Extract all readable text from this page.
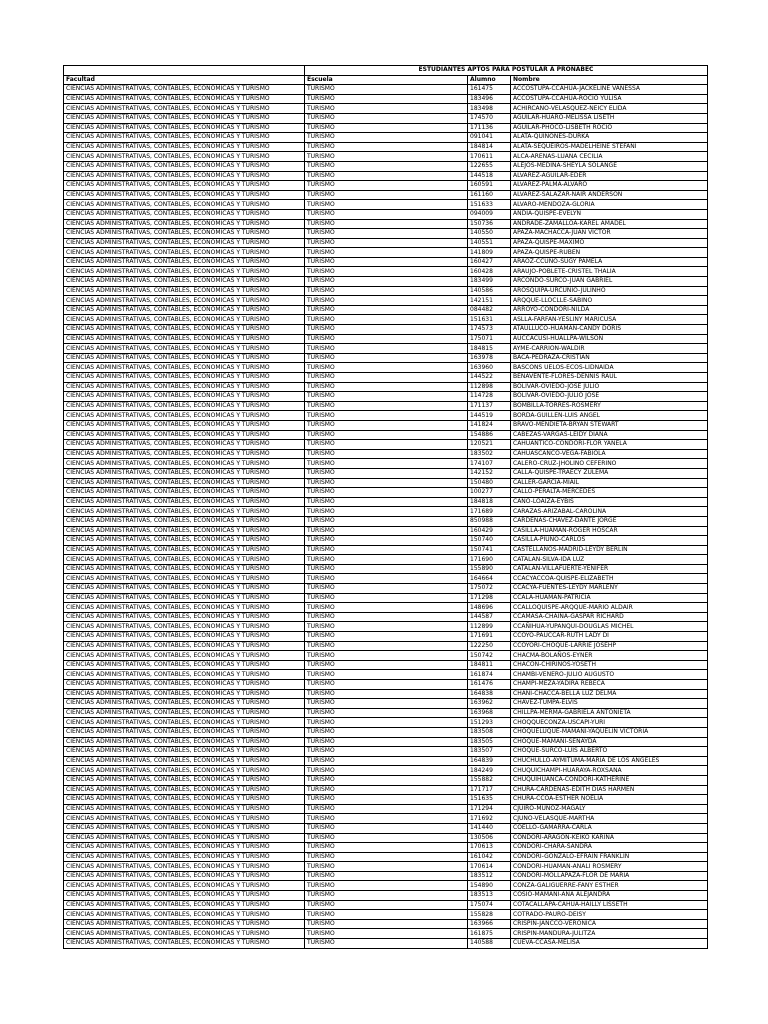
	ESTUDIANTES APTOS PARA POSTULAR A PRONABEC		
Facultad	Escuela	Alumno	Nombre
CIENCIAS ADMINISTRATIVAS, CONTABLES, ECONOMICAS Y TURISMO	TURISMO	161475	ACCOSTUPA-CCAHUA-JACKELINE VANESSA
CIENCIAS ADMINISTRATIVAS, CONTABLES, ECONOMICAS Y TURISMO	TURISMO	183496	ACCOSTUPA-CCAHUA-ROCIO YULISA
CIENCIAS ADMINISTRATIVAS, CONTABLES, ECONOMICAS Y TURISMO	TURISMO	183498	ACHIRCANO-VELASQUEZ-NEICY ELIDA
CIENCIAS ADMINISTRATIVAS, CONTABLES, ECONOMICAS Y TURISMO	TURISMO	174570	AGUILAR-HUARO-MELISSA LISETH
CIENCIAS ADMINISTRATIVAS, CONTABLES, ECONOMICAS Y TURISMO	TURISMO	171136	AGUILAR-PHOCO-LISBETH ROCIO
CIENCIAS ADMINISTRATIVAS, CONTABLES, ECONOMICAS Y TURISMO	TURISMO	091041	ALATA-QUIÑONES-DURKA
CIENCIAS ADMINISTRATIVAS, CONTABLES, ECONOMICAS Y TURISMO	TURISMO	184814	ALATA-SEQUEIROS-MADELHEINE STEFANI
CIENCIAS ADMINISTRATIVAS, CONTABLES, ECONOMICAS Y TURISMO	TURISMO	170611	ALCA-ARENAS-LUANA CECILIA
CIENCIAS ADMINISTRATIVAS, CONTABLES, ECONOMICAS Y TURISMO	TURISMO	122655	ALEJOS-MEDINA-SHEYLA SOLANGE
CIENCIAS ADMINISTRATIVAS, CONTABLES, ECONOMICAS Y TURISMO	TURISMO	144518	ALVAREZ-AGUILAR-EDER
CIENCIAS ADMINISTRATIVAS, CONTABLES, ECONOMICAS Y TURISMO	TURISMO	160591	ALVAREZ-PALMA-ALVARO
CIENCIAS ADMINISTRATIVAS, CONTABLES, ECONOMICAS Y TURISMO	TURISMO	161160	ALVAREZ-SALAZAR-NAIR ANDERSON
CIENCIAS ADMINISTRATIVAS, CONTABLES, ECONOMICAS Y TURISMO	TURISMO	151633	ALVARO-MENDOZA-GLORIA
CIENCIAS ADMINISTRATIVAS, CONTABLES, ECONOMICAS Y TURISMO	TURISMO	094009	ANDIA-QUISPE-EVELYN
CIENCIAS ADMINISTRATIVAS, CONTABLES, ECONOMICAS Y TURISMO	TURISMO	150736	ANDRADE-ZAMALLOA-KAREL AMADEL
CIENCIAS ADMINISTRATIVAS, CONTABLES, ECONOMICAS Y TURISMO	TURISMO	140550	APAZA-MACHACCA-JUAN VICTOR
CIENCIAS ADMINISTRATIVAS, CONTABLES, ECONOMICAS Y TURISMO	TURISMO	140551	APAZA-QUISPE-MAXIMO
CIENCIAS ADMINISTRATIVAS, CONTABLES, ECONOMICAS Y TURISMO	TURISMO	141809	APAZA-QUISPE-RUBEN
CIENCIAS ADMINISTRATIVAS, CONTABLES, ECONOMICAS Y TURISMO	TURISMO	160427	ARAOZ-CCUNO-SUGY PAMELA
CIENCIAS ADMINISTRATIVAS, CONTABLES, ECONOMICAS Y TURISMO	TURISMO	160428	ARAUJO-POBLETE-CRISTEL THALIA
CIENCIAS ADMINISTRATIVAS, CONTABLES, ECONOMICAS Y TURISMO	TURISMO	183499	ARCONDO-SURCO-JUAN GABRIEL
CIENCIAS ADMINISTRATIVAS, CONTABLES, ECONOMICAS Y TURISMO	TURISMO	140586	AROSQUIPA-URCUNIO-JULINHO
CIENCIAS ADMINISTRATIVAS, CONTABLES, ECONOMICAS Y TURISMO	TURISMO	142151	ARQQUE-LLOCLLE-SABINO
CIENCIAS ADMINISTRATIVAS, CONTABLES, ECONOMICAS Y TURISMO	TURISMO	084482	ARROYO-CONDORI-NILDA
CIENCIAS ADMINISTRATIVAS, CONTABLES, ECONOMICAS Y TURISMO	TURISMO	151631	ASLLA-FARFAN-YESLINY MARICUSA
CIENCIAS ADMINISTRATIVAS, CONTABLES, ECONOMICAS Y TURISMO	TURISMO	174573	ATAULLUCO-HUAMAN-CANDY DORIS
CIENCIAS ADMINISTRATIVAS, CONTABLES, ECONOMICAS Y TURISMO	TURISMO	175071	AUCCACUSI-HUALLPA-WILSON
CIENCIAS ADMINISTRATIVAS, CONTABLES, ECONOMICAS Y TURISMO	TURISMO	184815	AYME-CARRION-WALDIR
CIENCIAS ADMINISTRATIVAS, CONTABLES, ECONOMICAS Y TURISMO	TURISMO	163978	BACA-PEDRAZA-CRISTIAN
CIENCIAS ADMINISTRATIVAS, CONTABLES, ECONOMICAS Y TURISMO	TURISMO	163960	BASCONS UELOS-ECOS-LIDNAIDA
CIENCIAS ADMINISTRATIVAS, CONTABLES, ECONOMICAS Y TURISMO	TURISMO	144522	BENAVENTE-FLORES-DENNIS RAUL
CIENCIAS ADMINISTRATIVAS, CONTABLES, ECONOMICAS Y TURISMO	TURISMO	112898	BOLIVAR-OVIEDO-JOSÉ JULIO
CIENCIAS ADMINISTRATIVAS, CONTABLES, ECONOMICAS Y TURISMO	TURISMO	114728	BOLIVAR-OVIEDO-JULIO JOSE
CIENCIAS ADMINISTRATIVAS, CONTABLES, ECONOMICAS Y TURISMO	TURISMO	171137	BOMBILLA-TORRES-ROSMERY
CIENCIAS ADMINISTRATIVAS, CONTABLES, ECONOMICAS Y TURISMO	TURISMO	144519	BORDA-GUILLEN-LUIS ANGEL
CIENCIAS ADMINISTRATIVAS, CONTABLES, ECONOMICAS Y TURISMO	TURISMO	141824	BRAVO-MENDIETA-BRYAN STEWART
CIENCIAS ADMINISTRATIVAS, CONTABLES, ECONOMICAS Y TURISMO	TURISMO	154886	CABEZAS-VARGAS-LEIDY DIANA
CIENCIAS ADMINISTRATIVAS, CONTABLES, ECONOMICAS Y TURISMO	TURISMO	120521	CAHUANTICO-CONDORI-FLOR YANELA
CIENCIAS ADMINISTRATIVAS, CONTABLES, ECONOMICAS Y TURISMO	TURISMO	183502	CAHUASCANCO-VEGA-FABIOLA
CIENCIAS ADMINISTRATIVAS, CONTABLES, ECONOMICAS Y TURISMO	TURISMO	174107	CALERO-CRUZ-JHOLINO CEFERINO
CIENCIAS ADMINISTRATIVAS, CONTABLES, ECONOMICAS Y TURISMO	TURISMO	142152	CALLA-QUISPE-TRAECY ZULEMA
CIENCIAS ADMINISTRATIVAS, CONTABLES, ECONOMICAS Y TURISMO	TURISMO	150480	CALLER-GARCIA-MIAIL
CIENCIAS ADMINISTRATIVAS, CONTABLES, ECONOMICAS Y TURISMO	TURISMO	100277	CALLO-PERALTA-MERCEDES
CIENCIAS ADMINISTRATIVAS, CONTABLES, ECONOMICAS Y TURISMO	TURISMO	184818	CANO-LOAIZA-EYBIS
CIENCIAS ADMINISTRATIVAS, CONTABLES, ECONOMICAS Y TURISMO	TURISMO	171689	CARAZAS-ARIZABAL-CAROLINA
CIENCIAS ADMINISTRATIVAS, CONTABLES, ECONOMICAS Y TURISMO	TURISMO	850988	CARDENAS-CHAVEZ-DANTE JORGE
CIENCIAS ADMINISTRATIVAS, CONTABLES, ECONOMICAS Y TURISMO	TURISMO	160429	CASILLA-HUAMAN-ROGER HOSCAR
CIENCIAS ADMINISTRATIVAS, CONTABLES, ECONOMICAS Y TURISMO	TURISMO	150740	CASILLA-PIUÑO-CARLOS
CIENCIAS ADMINISTRATIVAS, CONTABLES, ECONOMICAS Y TURISMO	TURISMO	150741	CASTELLANOS-MADRID-LEYDY BERLIN
CIENCIAS ADMINISTRATIVAS, CONTABLES, ECONOMICAS Y TURISMO	TURISMO	171690	CATALAN-SILVA-IDA LUZ
CIENCIAS ADMINISTRATIVAS, CONTABLES, ECONOMICAS Y TURISMO	TURISMO	155890	CATALAN-VILLAFUERTE-YENIFER
CIENCIAS ADMINISTRATIVAS, CONTABLES, ECONOMICAS Y TURISMO	TURISMO	164664	CCACYACCOA-QUISPE-ELIZABETH
CIENCIAS ADMINISTRATIVAS, CONTABLES, ECONOMICAS Y TURISMO	TURISMO	175072	CCACYA-FUENTES-LEYDY MARLENY
CIENCIAS ADMINISTRATIVAS, CONTABLES, ECONOMICAS Y TURISMO	TURISMO	171298	CCALA-HUAMAN-PATRICIA
CIENCIAS ADMINISTRATIVAS, CONTABLES, ECONOMICAS Y TURISMO	TURISMO	148696	CCALLOQUISPE-ARQQUE-MARIO ALDAIR
CIENCIAS ADMINISTRATIVAS, CONTABLES, ECONOMICAS Y TURISMO	TURISMO	144587	CCAMASA-CHAIÑA-GASPAR RICHARD
CIENCIAS ADMINISTRATIVAS, CONTABLES, ECONOMICAS Y TURISMO	TURISMO	112899	CCAÑIHUA-YUPANQUI-DOUGLAS MICHEL
CIENCIAS ADMINISTRATIVAS, CONTABLES, ECONOMICAS Y TURISMO	TURISMO	171691	CCOYO-PAUCCAR-RUTH LADY DI
CIENCIAS ADMINISTRATIVAS, CONTABLES, ECONOMICAS Y TURISMO	TURISMO	122250	CCOYORI-CHOQUE-LARRIE JOSEHP
CIENCIAS ADMINISTRATIVAS, CONTABLES, ECONOMICAS Y TURISMO	TURISMO	150742	CHACMA-BOLAÑOS-EYNER
CIENCIAS ADMINISTRATIVAS, CONTABLES, ECONOMICAS Y TURISMO	TURISMO	184811	CHACON-CHIRINOS-YOSETH
CIENCIAS ADMINISTRATIVAS, CONTABLES, ECONOMICAS Y TURISMO	TURISMO	161874	CHAMBI-VENERO-JULIO AUGUSTO
CIENCIAS ADMINISTRATIVAS, CONTABLES, ECONOMICAS Y TURISMO	TURISMO	161476	CHAMPI-MEZA-YADIRA REBECA
CIENCIAS ADMINISTRATIVAS, CONTABLES, ECONOMICAS Y TURISMO	TURISMO	164838	CHAÑI-CHACCA-BELLA LUZ DELMA
CIENCIAS ADMINISTRATIVAS, CONTABLES, ECONOMICAS Y TURISMO	TURISMO	163962	CHAVEZ-TUMPA-ELVIS
CIENCIAS ADMINISTRATIVAS, CONTABLES, ECONOMICAS Y TURISMO	TURISMO	163968	CHILLPA-MERMA-GABRIELA ANTONIETA
CIENCIAS ADMINISTRATIVAS, CONTABLES, ECONOMICAS Y TURISMO	TURISMO	151293	CHOQQUECONZA-USCAPI-YURI
CIENCIAS ADMINISTRATIVAS, CONTABLES, ECONOMICAS Y TURISMO	TURISMO	183508	CHOQUELUQUE-MAMANI-YAQUELIN VICTORIA
CIENCIAS ADMINISTRATIVAS, CONTABLES, ECONOMICAS Y TURISMO	TURISMO	183505	CHOQUE-MAMANI-SENAYDA
CIENCIAS ADMINISTRATIVAS, CONTABLES, ECONOMICAS Y TURISMO	TURISMO	183507	CHOQUE-SURCO-LUIS ALBERTO
CIENCIAS ADMINISTRATIVAS, CONTABLES, ECONOMICAS Y TURISMO	TURISMO	164839	CHUCHULLO-AYMITUMA-MARIA DE LOS ANGELES
CIENCIAS ADMINISTRATIVAS, CONTABLES, ECONOMICAS Y TURISMO	TURISMO	184249	CHUQUICHAMPI-HUARAYA-ROXSANA
CIENCIAS ADMINISTRATIVAS, CONTABLES, ECONOMICAS Y TURISMO	TURISMO	155882	CHUQUIHUANCA-CONDORI-KATHERINE
CIENCIAS ADMINISTRATIVAS, CONTABLES, ECONOMICAS Y TURISMO	TURISMO	171717	CHURA-CARDENAS-EDITH DIAS HARMEN
CIENCIAS ADMINISTRATIVAS, CONTABLES, ECONOMICAS Y TURISMO	TURISMO	151635	CHURA-CCOA-ESTHER NOELIA
CIENCIAS ADMINISTRATIVAS, CONTABLES, ECONOMICAS Y TURISMO	TURISMO	171294	CJUIRO-MUÑOZ-MAGALY
CIENCIAS ADMINISTRATIVAS, CONTABLES, ECONOMICAS Y TURISMO	TURISMO	171692	CJUNO-VELASQUE-MARTHA
CIENCIAS ADMINISTRATIVAS, CONTABLES, ECONOMICAS Y TURISMO	TURISMO	141440	COELLO-GAMARRA-CARLA
CIENCIAS ADMINISTRATIVAS, CONTABLES, ECONOMICAS Y TURISMO	TURISMO	130506	CONDORI-ARAGON-KEIKO KARINA
CIENCIAS ADMINISTRATIVAS, CONTABLES, ECONOMICAS Y TURISMO	TURISMO	170613	CONDORI-CHARA-SANDRA
CIENCIAS ADMINISTRATIVAS, CONTABLES, ECONOMICAS Y TURISMO	TURISMO	161042	CONDORI-GONZALO-EFRAIN FRANKLIN
CIENCIAS ADMINISTRATIVAS, CONTABLES, ECONOMICAS Y TURISMO	TURISMO	170614	CONDORI-HUAMAN-ANALI ROSMERY
CIENCIAS ADMINISTRATIVAS, CONTABLES, ECONOMICAS Y TURISMO	TURISMO	183512	CONDORI-MOLLAPAZA-FLOR DE MARIA
CIENCIAS ADMINISTRATIVAS, CONTABLES, ECONOMICAS Y TURISMO	TURISMO	154890	CONZA-GALIGUERRE-FANY ESTHER
CIENCIAS ADMINISTRATIVAS, CONTABLES, ECONOMICAS Y TURISMO	TURISMO	183513	COSIO-MAMANI-ANA ALEJANDRA
CIENCIAS ADMINISTRATIVAS, CONTABLES, ECONOMICAS Y TURISMO	TURISMO	175074	COTACALLAPA-CAHUA-HAILLY LISSETH
CIENCIAS ADMINISTRATIVAS, CONTABLES, ECONOMICAS Y TURISMO	TURISMO	155828	COTRADO-PAURO-DEISY
CIENCIAS ADMINISTRATIVAS, CONTABLES, ECONOMICAS Y TURISMO	TURISMO	163966	CRISPIN-JANCCO-VERONICA
CIENCIAS ADMINISTRATIVAS, CONTABLES, ECONOMICAS Y TURISMO	TURISMO	161875	CRISPIN-MANDURA-JULITZA
CIENCIAS ADMINISTRATIVAS, CONTABLES, ECONOMICAS Y TURISMO	TURISMO	140588	CUEVA-CCASA-MELISA
